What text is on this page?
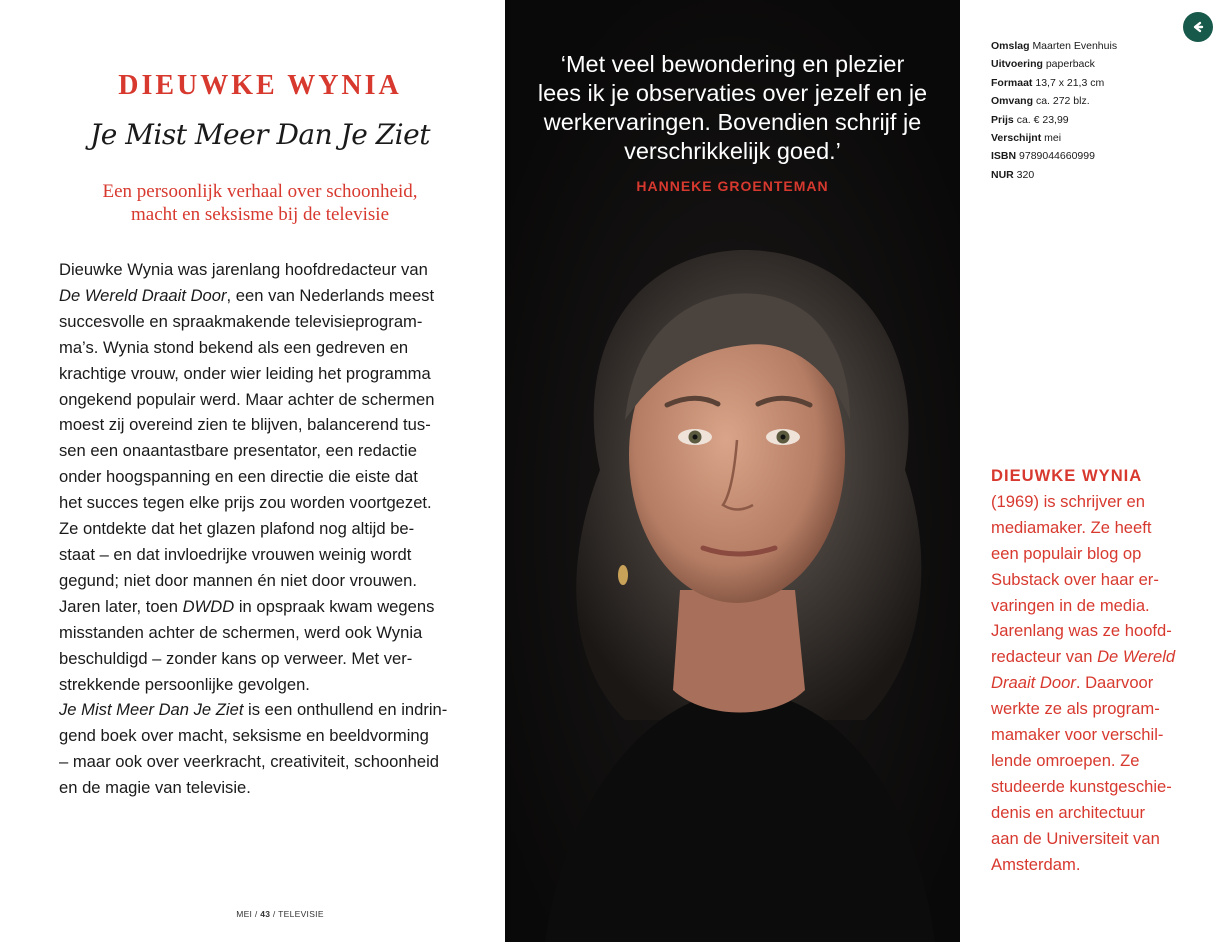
DIEUWKE WYNIA
Je Mist Meer Dan Je Ziet
Een persoonlijk verhaal over schoonheid,
macht en seksisme bij de televisie
Dieuwke Wynia was jarenlang hoofdredacteur van
De Wereld Draait Door, een van Nederlands meest
succesvolle en spraakmakende televisieprogram-
ma’s. Wynia stond bekend als een gedreven en
krachtige vrouw, onder wier leiding het programma
ongekend populair werd. Maar achter de schermen
moest zij overeind zien te blijven, balancerend tus-
sen een onaantastbare presentator, een redactie
onder hoogspanning en een directie die eiste dat
het succes tegen elke prijs zou worden voortgezet.
Ze ontdekte dat het glazen plafond nog altijd be-
staat – en dat invloedrijke vrouwen weinig wordt
gegund; niet door mannen én niet door vrouwen.
Jaren later, toen DWDD in opspraak kwam wegens
misstanden achter de schermen, werd ook Wynia
beschuldigd – zonder kans op verweer. Met ver-
strekkende persoonlijke gevolgen.
Je Mist Meer Dan Je Ziet is een onthullend en indrin-
gend boek over macht, seksisme en beeldvorming
– maar ook over veerkracht, creativiteit, schoonheid
en de magie van televisie.
MEI / 43 / TELEVISIE
‘Met veel bewondering en plezier
lees ik je observaties over jezelf en je
werkervaringen. Bovendien schrijf je
verschrikkelijk goed.’
HANNEKE GROENTEMAN
Omslag Maarten Evenhuis
Uitvoering paperback
Formaat 13,7 x 21,3 cm
Omvang ca. 272 blz.
Prijs ca. € 23,99
Verschijnt mei
ISBN 9789044660999
NUR 320
DIEUWKE WYNIA
(1969) is schrijver en
mediamaker. Ze heeft
een populair blog op
Substack over haar er-
varingen in de media.
Jarenlang was ze hoofd-
redacteur van De Wereld
Draait Door. Daarvoor
werkte ze als program-
mamaker voor verschil-
lende omroepen. Ze
studeerde kunstgeschie-
denis en architectuur
aan de Universiteit van
Amsterdam.
